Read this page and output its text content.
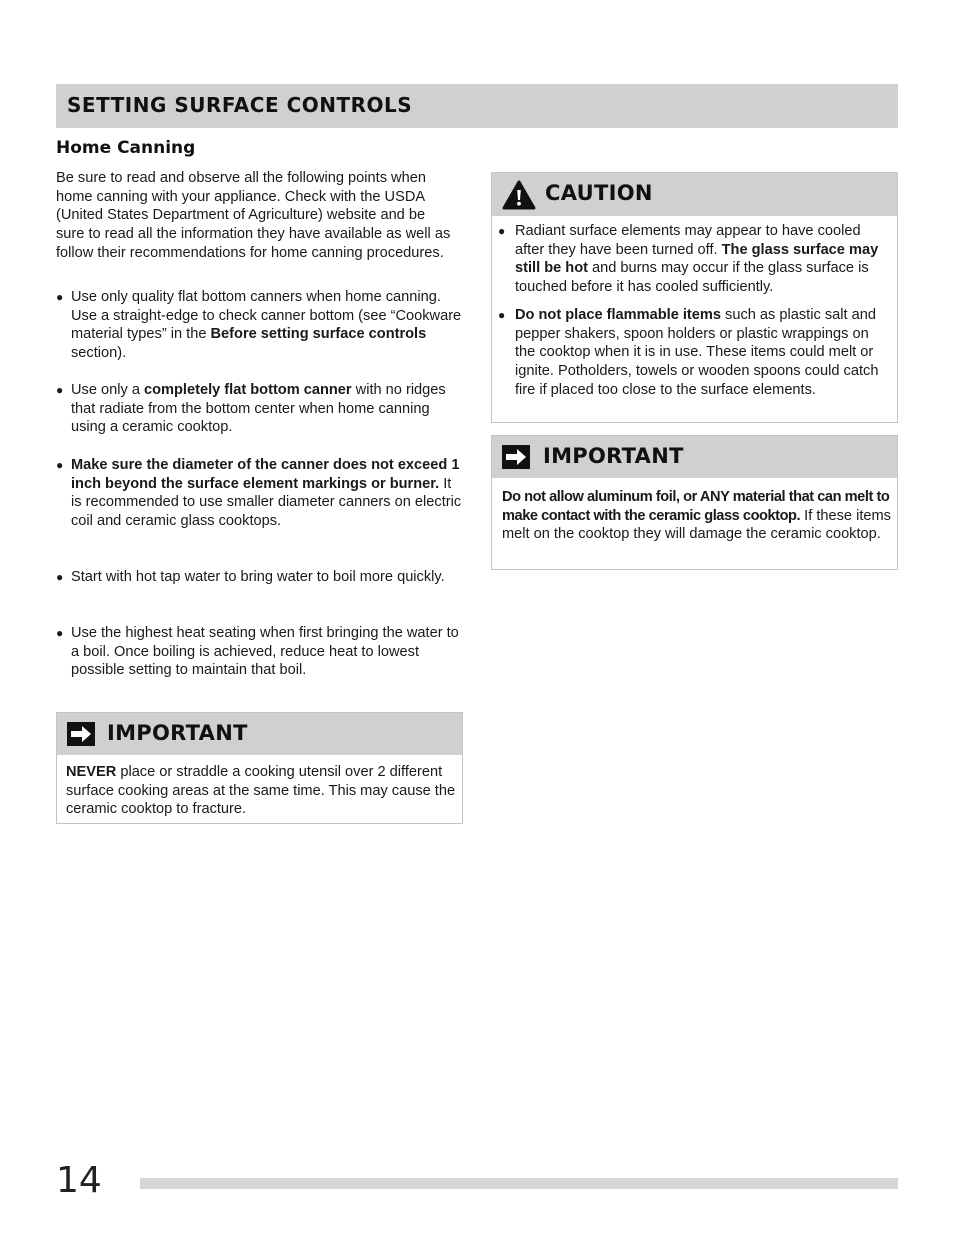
SETTING SURFACE CONTROLS
Home Canning
Be sure to read and observe all the following points when home canning with your appliance. Check with the USDA (United States Department of Agriculture) website and be sure to read all the information they have available as well as follow their recommendations for home canning procedures.
● Use only quality flat bottom canners when home canning. Use a straight-edge to check canner bottom (see “Cookware material types” in the Before setting surface controls section).
● Use only a completely flat bottom canner with no ridges that radiate from the bottom center when home canning using a ceramic cooktop.
● Make sure the diameter of the canner does not exceed 1 inch beyond the surface element markings or burner. It is recommended to use smaller diameter canners on electric coil and ceramic glass cooktops.
● Start with hot tap water to bring water to boil more quickly.
● Use the highest heat seating when first bringing the water to a boil. Once boiling is achieved, reduce heat to lowest possible setting to maintain that boil.
IMPORTANT
NEVER place or straddle a cooking utensil over 2 different surface cooking areas at the same time. This may cause the ceramic cooktop to fracture.
CAUTION
● Radiant surface elements may appear to have cooled after they have been turned off. The glass surface may still be hot and burns may occur if the glass surface is touched before it has cooled sufficiently.
● Do not place flammable items such as plastic salt and pepper shakers, spoon holders or plastic wrappings on the cooktop when it is in use. These items could melt or ignite. Potholders, towels or wooden spoons could catch fire if placed too close to the surface elements.
IMPORTANT
Do not allow aluminum foil, or ANY material that can melt to make contact with the ceramic glass cooktop. If these items melt on the cooktop they will damage the ceramic cooktop.
14
